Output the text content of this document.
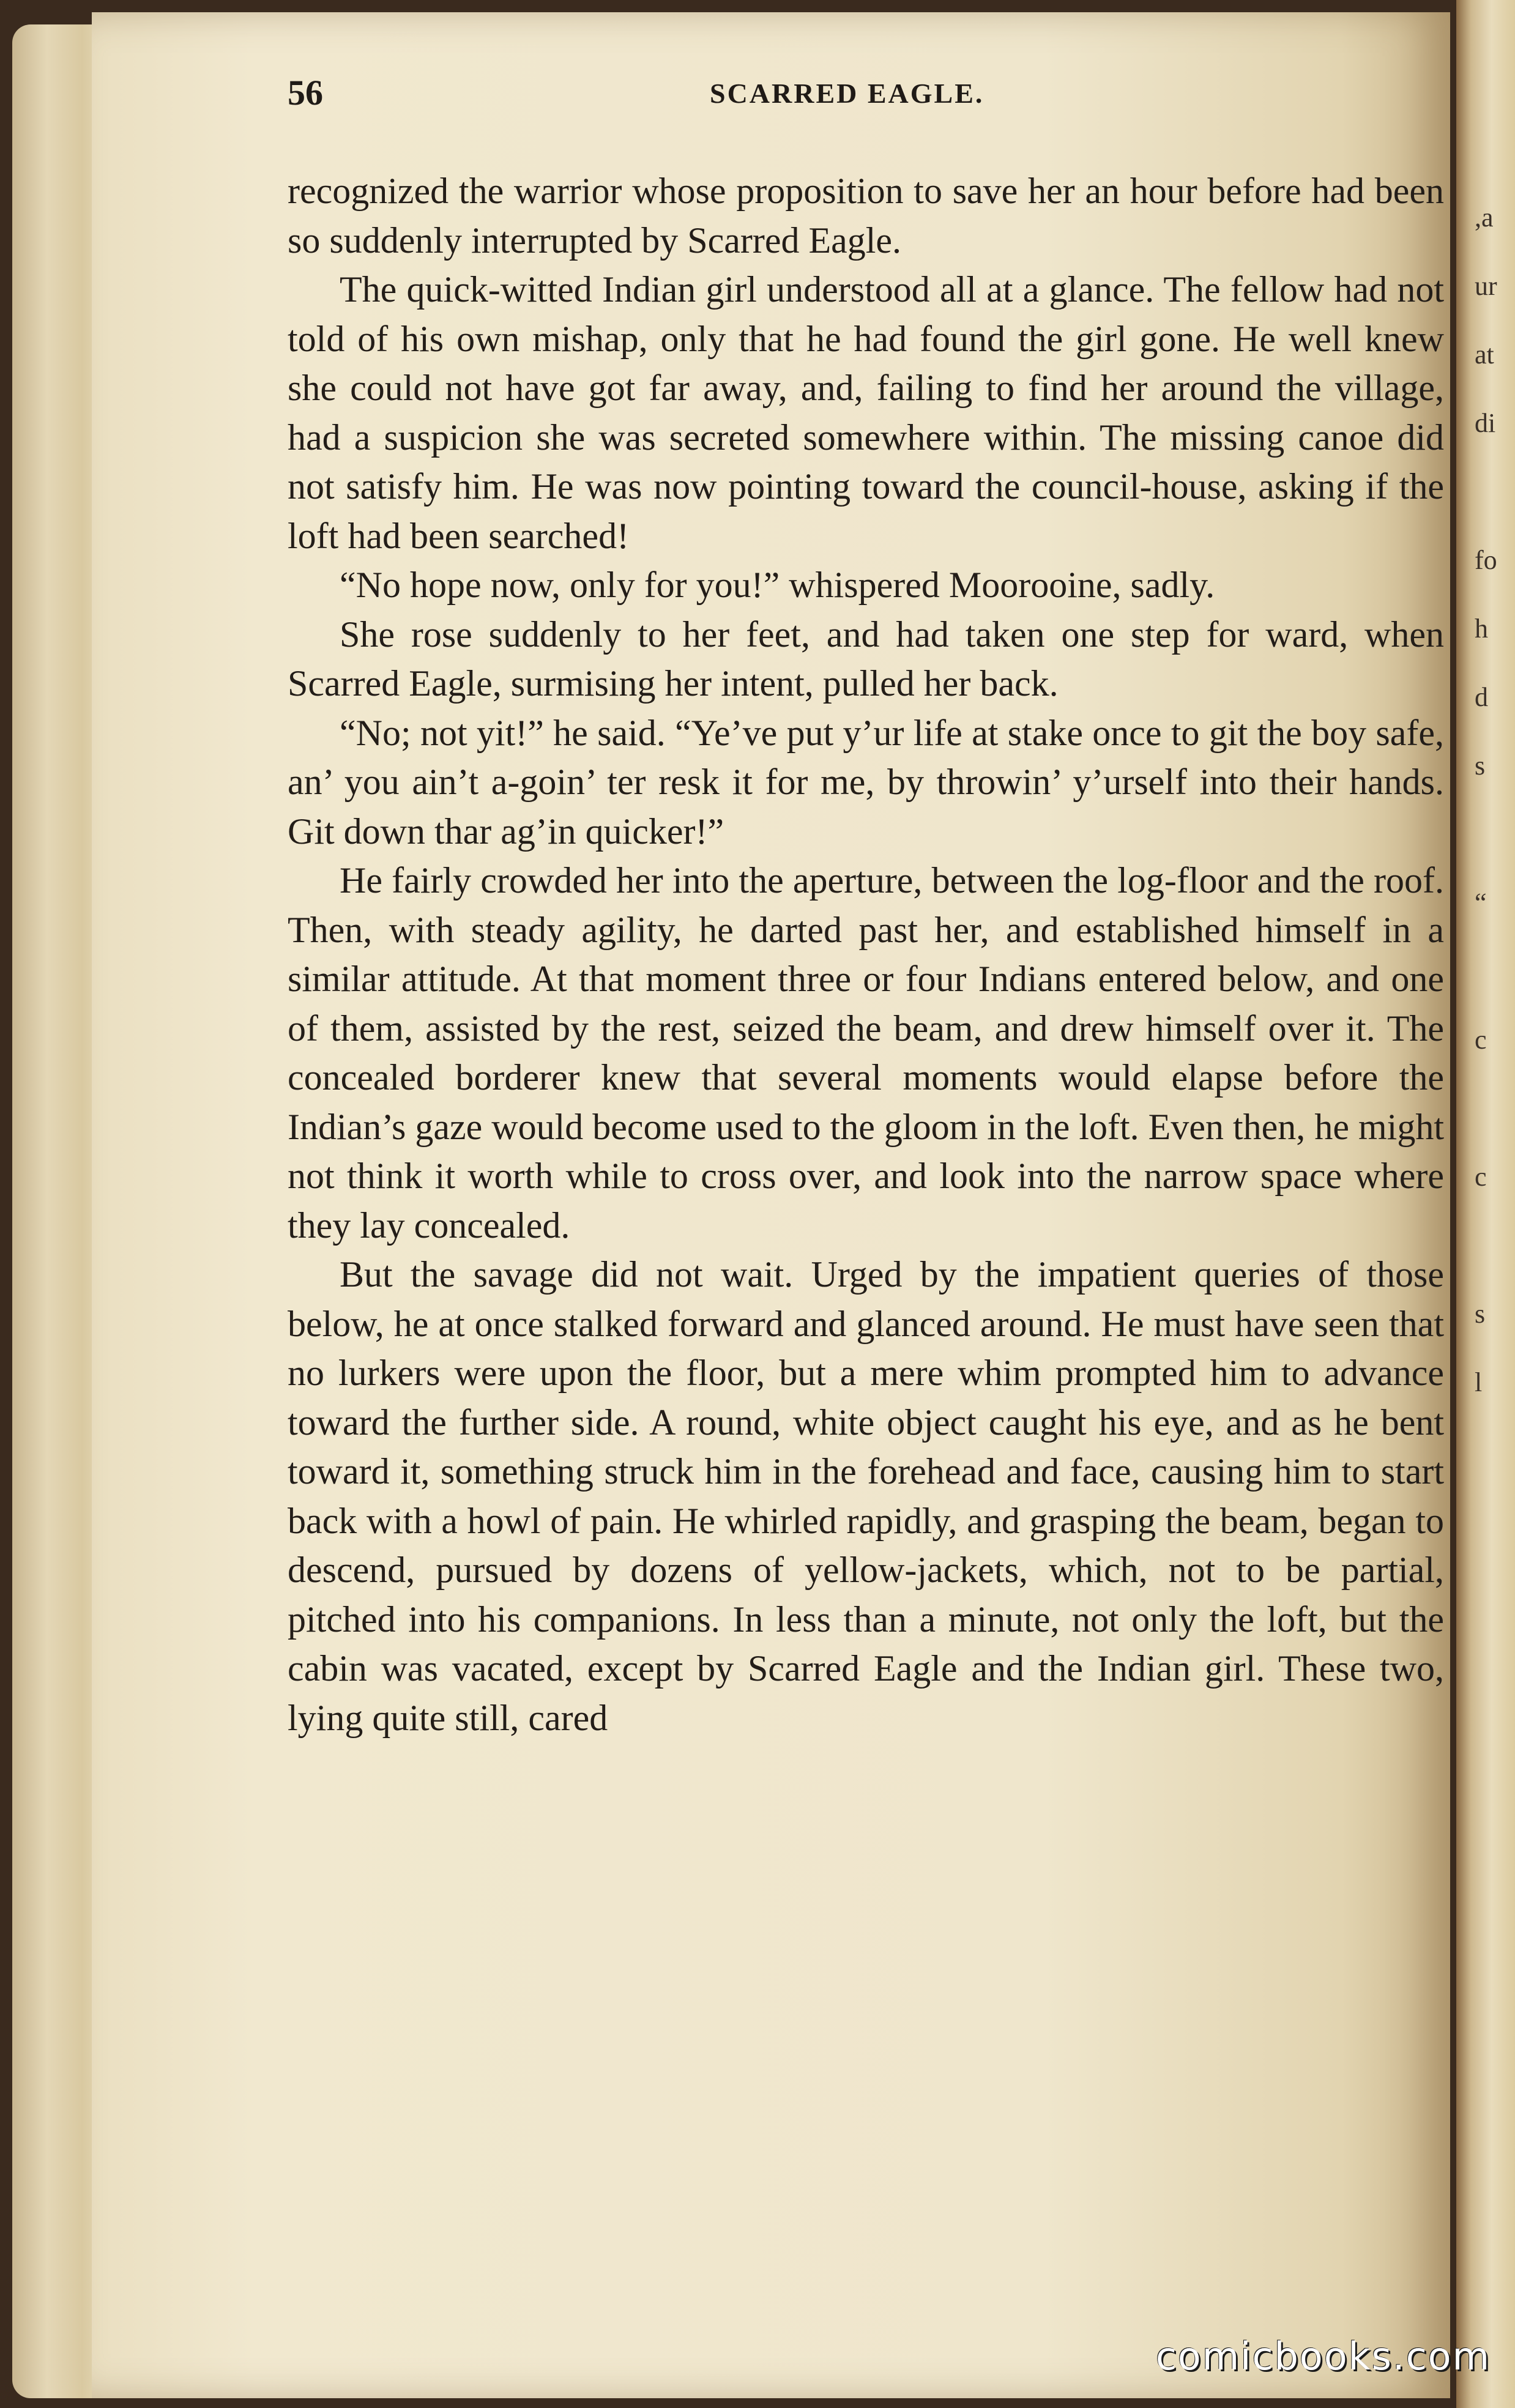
,a
ur
at
di

fo
h
d
s

“

c

c

s
l
56	SCARRED EAGLE.

recognized the warrior whose proposition to save her an hour before had been so suddenly interrupted by Scarred Eagle.

The quick-witted Indian girl understood all at a glance. The fellow had not told of his own mishap, only that he had found the girl gone. He well knew she could not have got far away, and, failing to find her around the village, had a suspicion she was secreted somewhere within. The missing canoe did not satisfy him. He was now pointing toward the council-house, asking if the loft had been searched!

“No hope now, only for you!” whispered Moorooine, sadly.

She rose suddenly to her feet, and had taken one step for ward, when Scarred Eagle, surmising her intent, pulled her back.

“No; not yit!” he said. “Ye’ve put y’ur life at stake once to git the boy safe, an’ you ain’t a-goin’ ter resk it for me, by throwin’ y’urself into their hands. Git down thar ag’in quicker!”

He fairly crowded her into the aperture, between the log-floor and the roof. Then, with steady agility, he darted past her, and established himself in a similar attitude. At that moment three or four Indians entered below, and one of them, assisted by the rest, seized the beam, and drew himself over it. The concealed borderer knew that several moments would elapse before the Indian’s gaze would become used to the gloom in the loft. Even then, he might not think it worth while to cross over, and look into the narrow space where they lay concealed.

But the savage did not wait. Urged by the impatient queries of those below, he at once stalked forward and glanced around. He must have seen that no lurkers were upon the floor, but a mere whim prompted him to advance toward the further side. A round, white object caught his eye, and as he bent toward it, something struck him in the forehead and face, causing him to start back with a howl of pain. He whirled rapidly, and grasping the beam, began to descend, pursued by dozens of yellow-jackets, which, not to be partial, pitched into his companions. In less than a minute, not only the loft, but the cabin was vacated, except by Scarred Eagle and the Indian girl. These two, lying quite still, cared

comicbooks.com
